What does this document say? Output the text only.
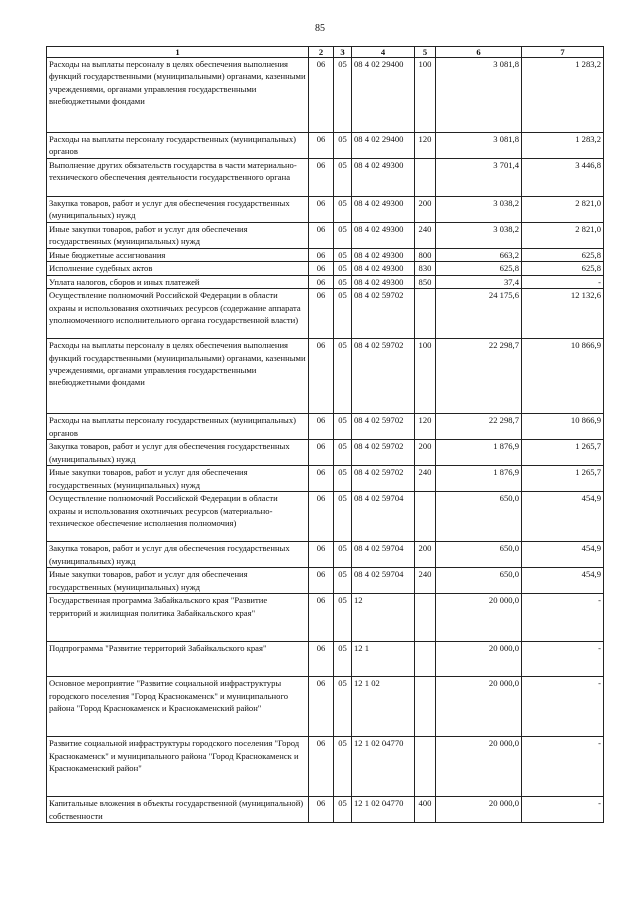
85
1	2	3	4	5	6	7
Расходы на выплаты персоналу в целях обеспечения выполнения функций государственными (муниципальными) органами, казенными учреждениями, органами управления государственными внебюджетными фондами	06	05	08 4 02 29400	100	3 081,8	1 283,2
Расходы на выплаты персоналу государственных (муниципальных) органов	06	05	08 4 02 29400	120	3 081,8	1 283,2
Выполнение других обязательств государства в части материально-технического обеспечения деятельности государственного органа	06	05	08 4 02 49300		3 701,4	3 446,8
Закупка товаров, работ и услуг для обеспечения государственных (муниципальных) нужд	06	05	08 4 02 49300	200	3 038,2	2 821,0
Иные закупки товаров, работ и услуг для обеспечения государственных (муниципальных) нужд	06	05	08 4 02 49300	240	3 038,2	2 821,0
Иные бюджетные ассигнования	06	05	08 4 02 49300	800	663,2	625,8
Исполнение судебных актов	06	05	08 4 02 49300	830	625,8	625,8
Уплата налогов, сборов и иных платежей	06	05	08 4 02 49300	850	37,4	-
Осуществление полномочий Российской Федерации в области охраны и использования охотничьих ресурсов (содержание аппарата уполномоченного исполнительного органа государственной власти)	06	05	08 4 02 59702		24 175,6	12 132,6
Расходы на выплаты персоналу в целях обеспечения выполнения функций государственными (муниципальными) органами, казенными учреждениями, органами управления государственными внебюджетными фондами	06	05	08 4 02 59702	100	22 298,7	10 866,9
Расходы на выплаты персоналу государственных (муниципальных) органов	06	05	08 4 02 59702	120	22 298,7	10 866,9
Закупка товаров, работ и услуг для обеспечения государственных (муниципальных) нужд	06	05	08 4 02 59702	200	1 876,9	1 265,7
Иные закупки товаров, работ и услуг для обеспечения государственных (муниципальных) нужд	06	05	08 4 02 59702	240	1 876,9	1 265,7
Осуществление полномочий Российской Федерации в области охраны и использования охотничьих ресурсов (материально-техническое обеспечение исполнения полномочия)	06	05	08 4 02 59704		650,0	454,9
Закупка товаров, работ и услуг для обеспечения государственных (муниципальных) нужд	06	05	08 4 02 59704	200	650,0	454,9
Иные закупки товаров, работ и услуг для обеспечения государственных (муниципальных) нужд	06	05	08 4 02 59704	240	650,0	454,9
Государственная программа Забайкальского края "Развитие территорий и жилищная политика Забайкальского края"	06	05	12		20 000,0	-
Подпрограмма "Развитие территорий Забайкальского края"	06	05	12 1		20 000,0	-
Основное мероприятие "Развитие социальной инфраструктуры городского поселения "Город Краснокаменск" и муниципального района "Город Краснокаменск и Краснокаменский район"	06	05	12 1 02		20 000,0	-
Развитие социальной инфраструктуры городского поселения "Город Краснокаменск" и муниципального района "Город Краснокаменск и Краснокаменский район"	06	05	12 1 02 04770		20 000,0	-
Капитальные вложения в объекты государственной (муниципальной) собственности	06	05	12 1 02 04770	400	20 000,0	-
